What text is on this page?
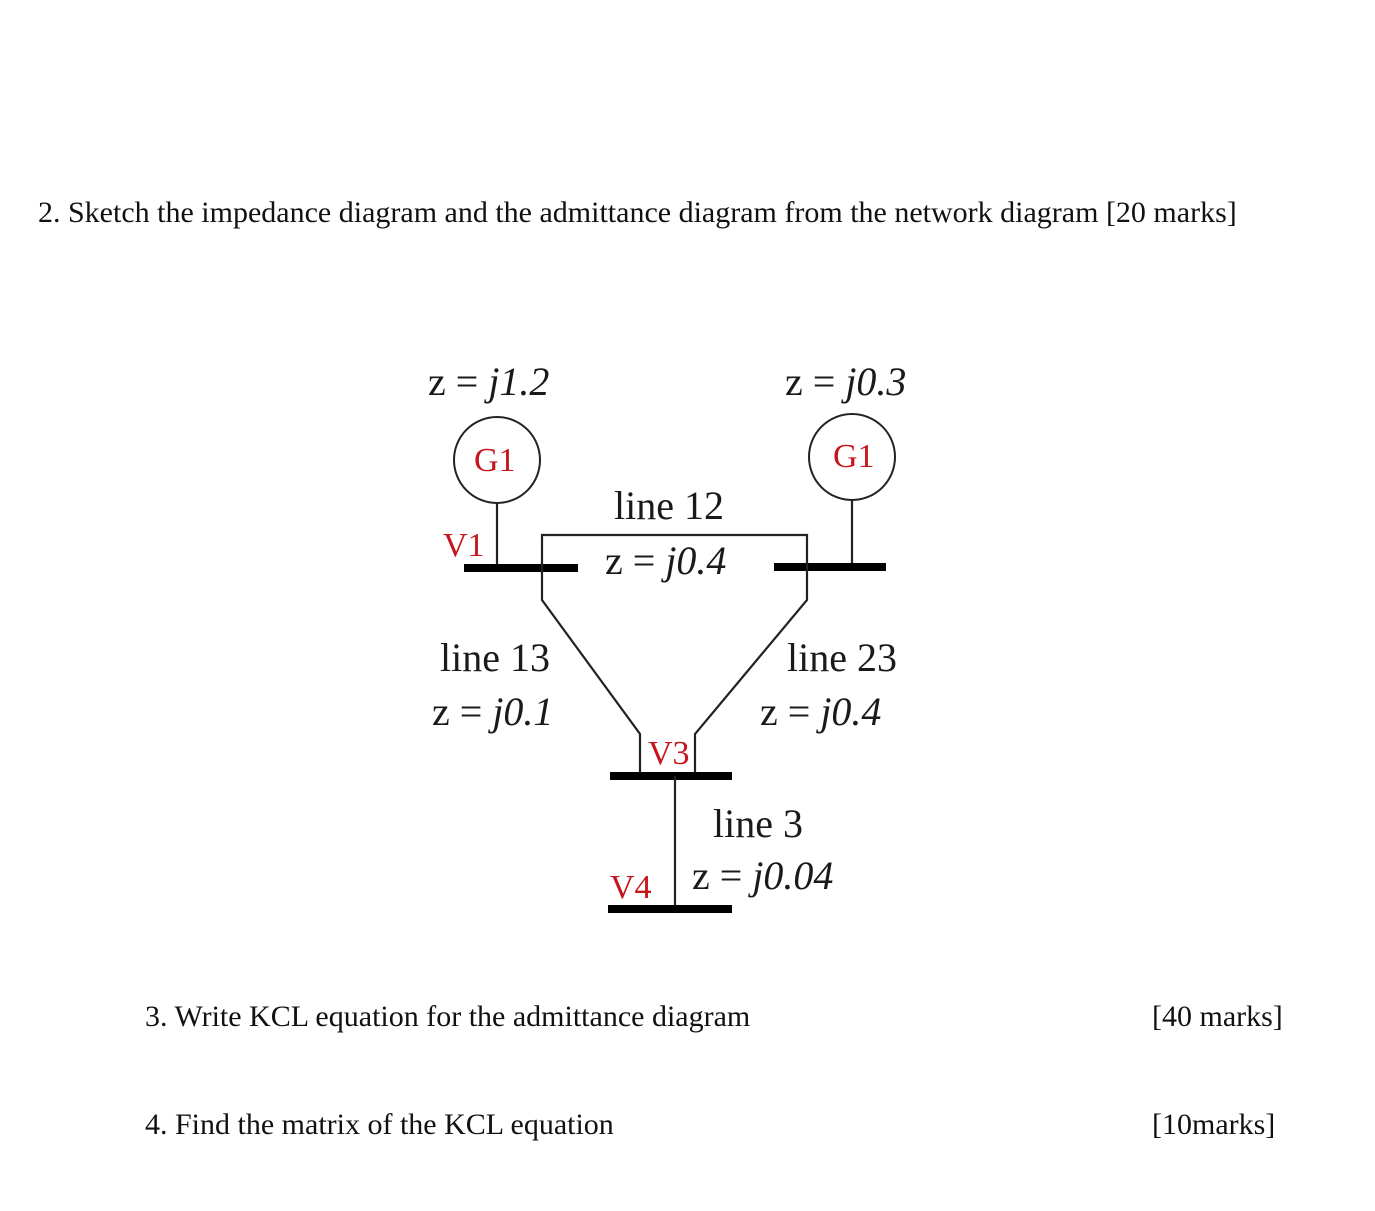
2. Sketch the impedance diagram and the admittance diagram from the network diagram [20 marks]
z = j1.2	z = j0.3
G1	G1
V1
line 12
z = j0.4
line 13
z = j0.1
line 23
z = j0.4
V3
line 3
z = j0.04
V4
3. Write KCL equation for the admittance diagram	[40 marks]
4. Find the matrix of the KCL equation	[10marks]
